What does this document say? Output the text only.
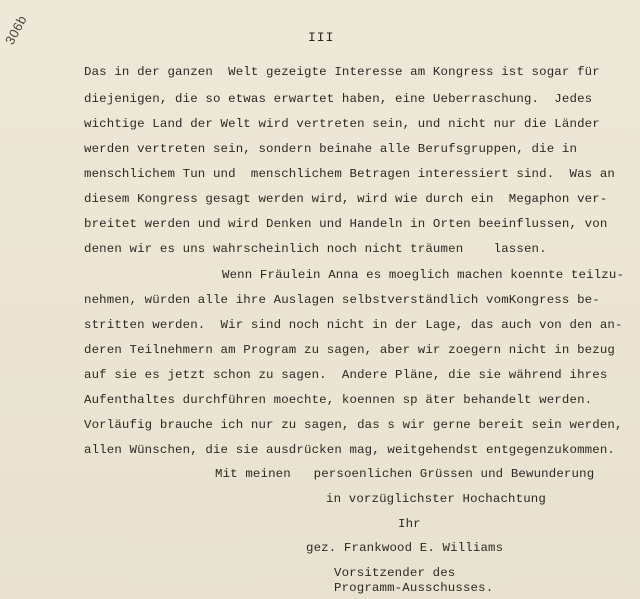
306b	III
Das in der ganzen  Welt gezeigte Interesse am Kongress ist sogar für
diejenigen, die so etwas erwartet haben, eine Ueberraschung.  Jedes
wichtige Land der Welt wird vertreten sein, und nicht nur die Länder
werden vertreten sein, sondern beinahe alle Berufsgruppen, die in
menschlichem Tun und  menschlichem Betragen interessiert sind.  Was an
diesem Kongress gesagt werden wird, wird wie durch ein  Megaphon ver-
breitet werden und wird Denken und Handeln in Orten beeinflussen, von
denen wir es uns wahrscheinlich noch nicht träumen    lassen.
Wenn Fräulein Anna es moeglich machen koennte teilzu-
nehmen, würden alle ihre Auslagen selbstverständlich vomKongress be-
stritten werden.  Wir sind noch nicht in der Lage, das auch von den an-
deren Teilnehmern am Program zu sagen, aber wir zoegern nicht in bezug
auf sie es jetzt schon zu sagen.  Andere Pläne, die sie während ihres
Aufenthaltes durchführen moechte, koennen sp äter behandelt werden.
Vorläufig brauche ich nur zu sagen, das s wir gerne bereit sein werden,
allen Wünschen, die sie ausdrücken mag, weitgehendst entgegenzukommen.
Mit meinen   persoenlichen Grüssen und Bewunderung
in vorzüglichster Hochachtung
Ihr
gez. Frankwood E. Williams
Vorsitzender des
Programm-Ausschusses.
